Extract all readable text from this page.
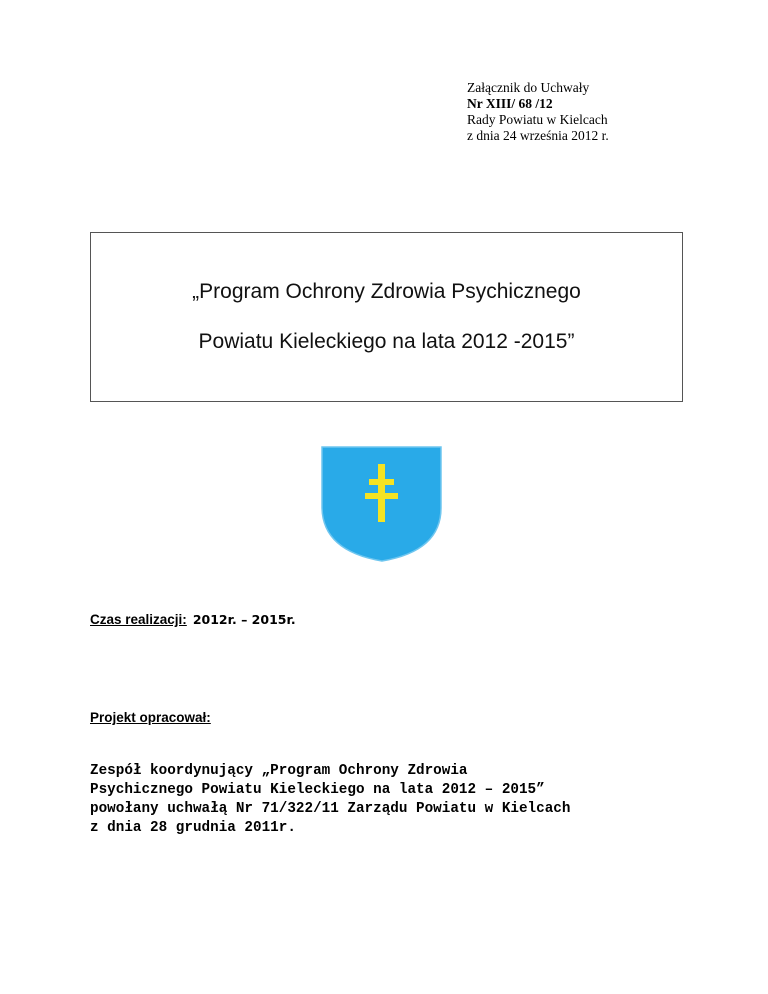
Załącznik do Uchwały
Nr XIII/ 68 /12
Rady Powiatu w Kielcach
z dnia 24 września 2012 r.
„Program Ochrony Zdrowia Psychicznego
Powiatu Kieleckiego na lata 2012 -2015”
Czas realizacji: 2012r. – 2015r.
Projekt opracował:
Zespół koordynujący „Program Ochrony Zdrowia
Psychicznego Powiatu Kieleckiego na lata 2012 – 2015”
powołany uchwałą Nr 71/322/11 Zarządu Powiatu w Kielcach
z dnia 28 grudnia 2011r.
